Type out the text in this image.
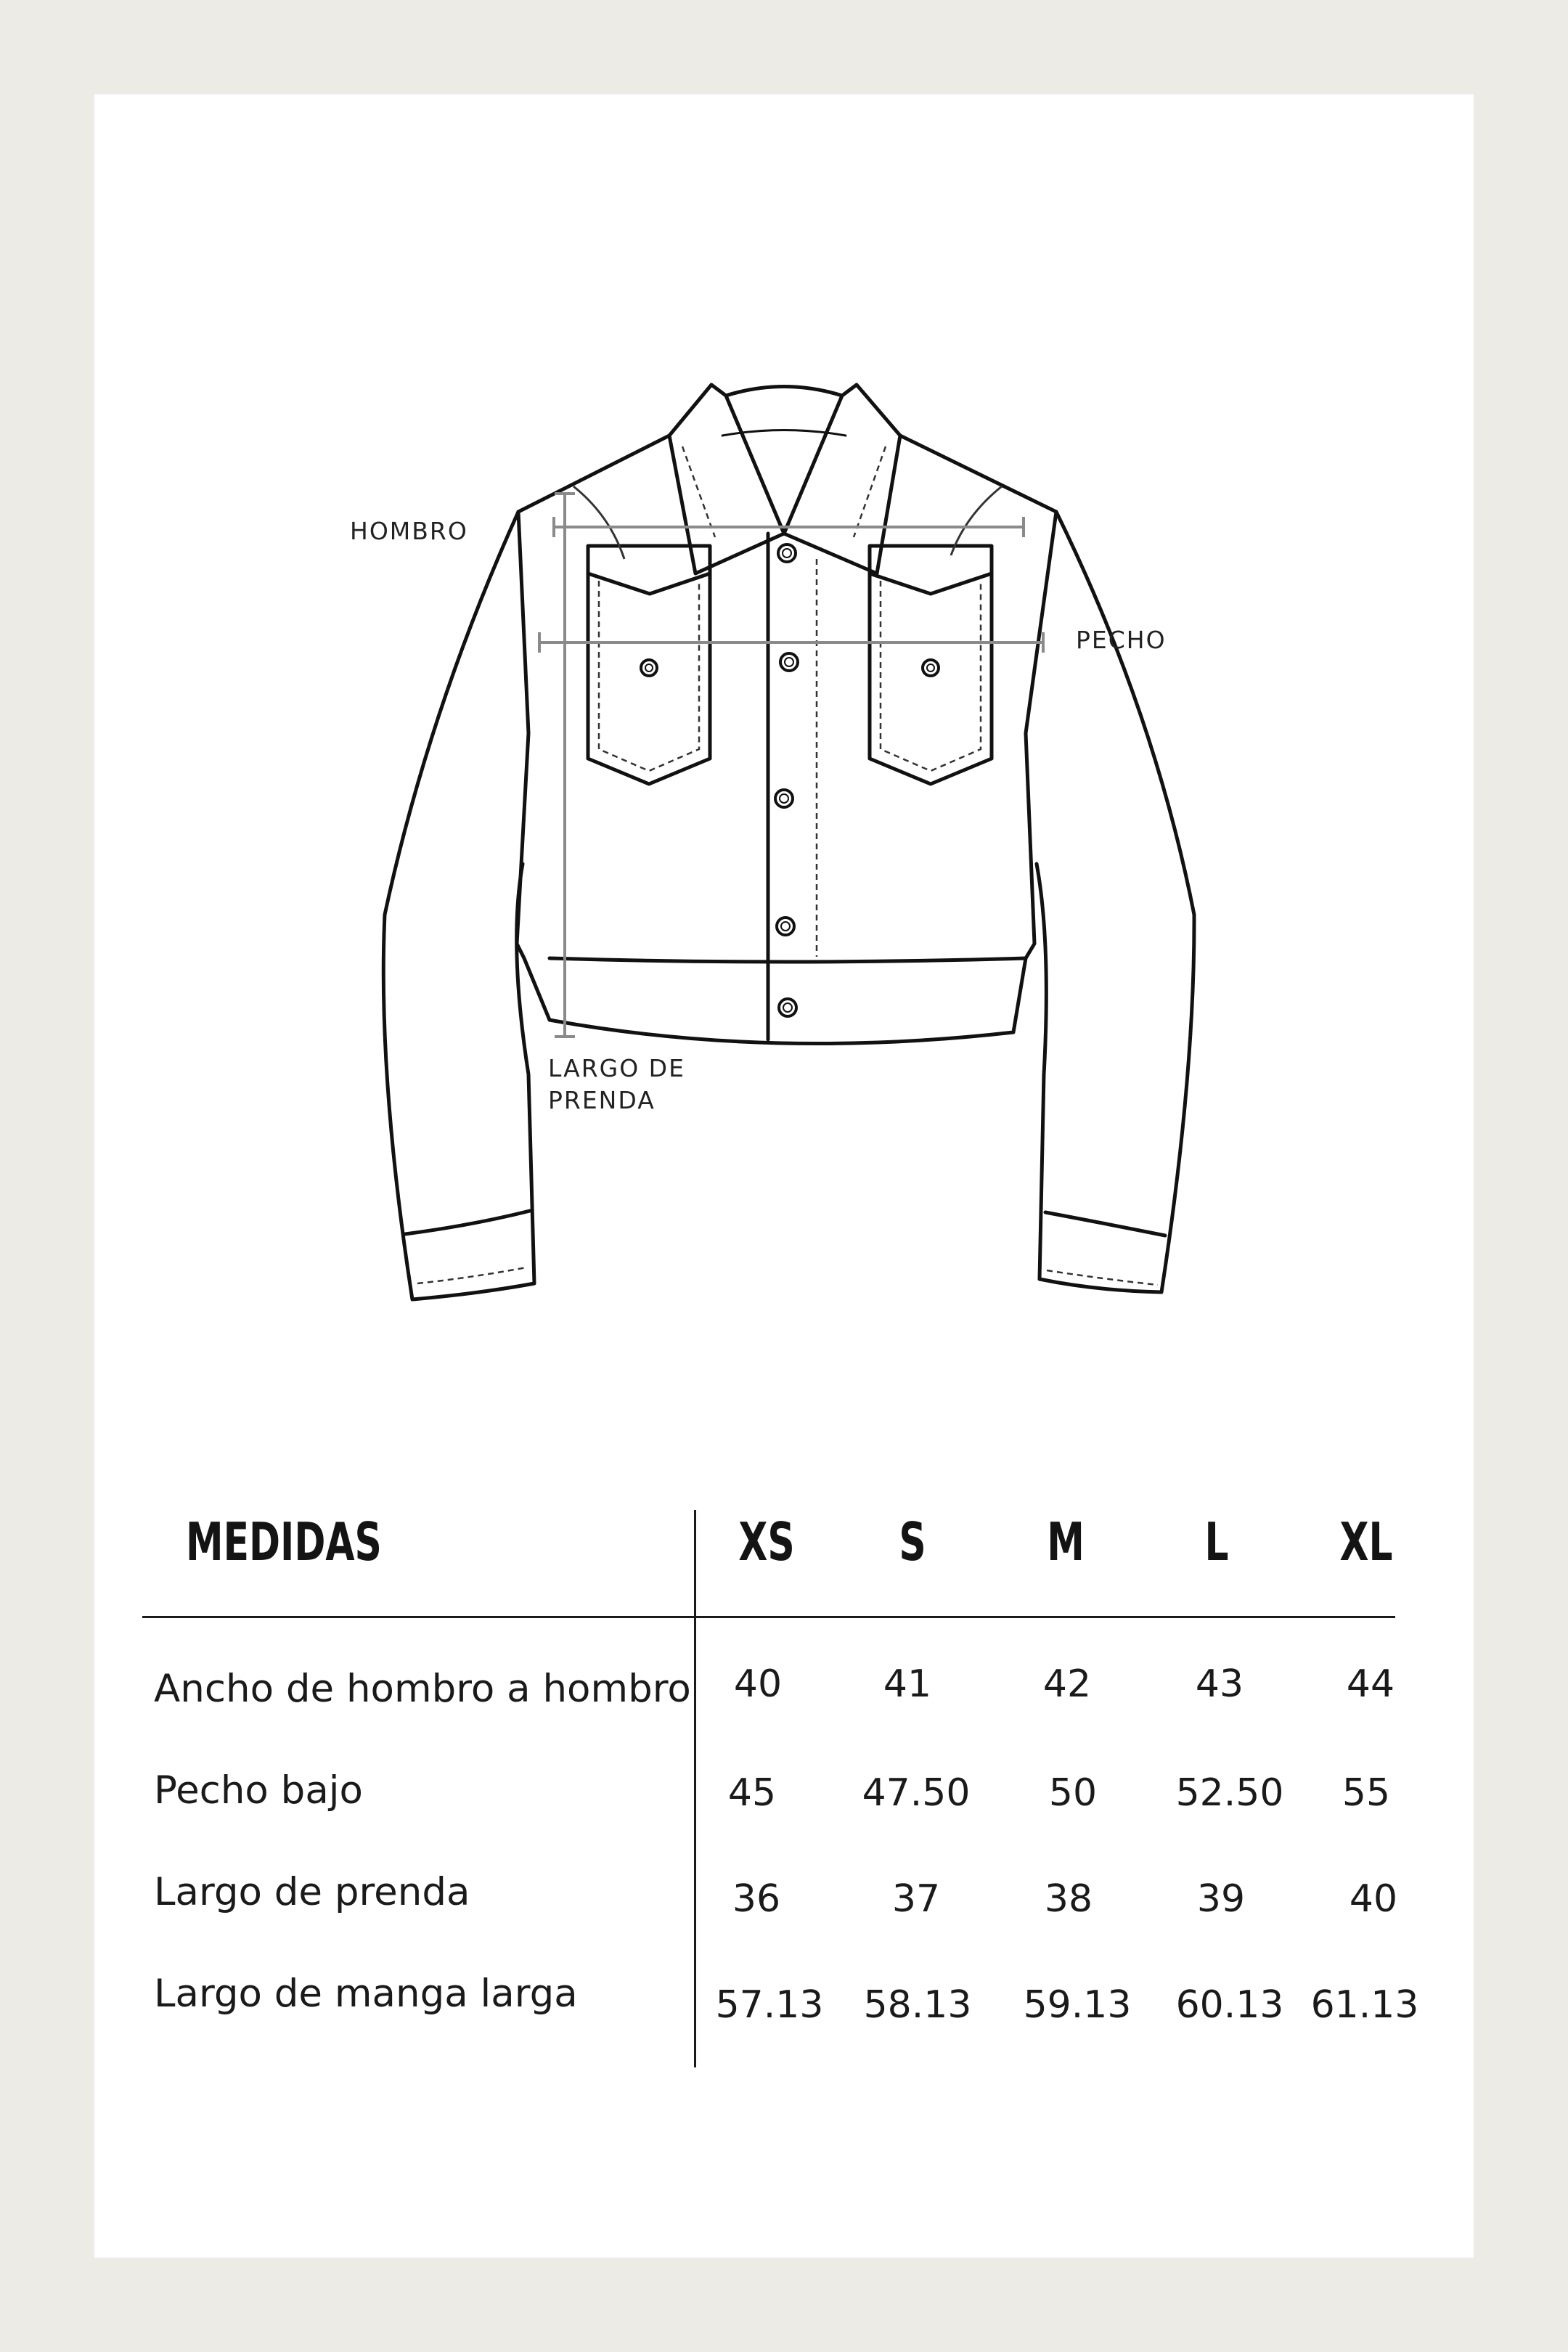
HOMBRO
PECHO
LARGO DE
PRENDA
MEDIDAS	XS	S	M	L	XL
Ancho de hombro a hombro	40	41	42	43	44
Pecho bajo	45	47.50	50	52.50	55
Largo de prenda	36	37	38	39	40
Largo de manga larga	57.13	58.13	59.13	60.13 61.13
